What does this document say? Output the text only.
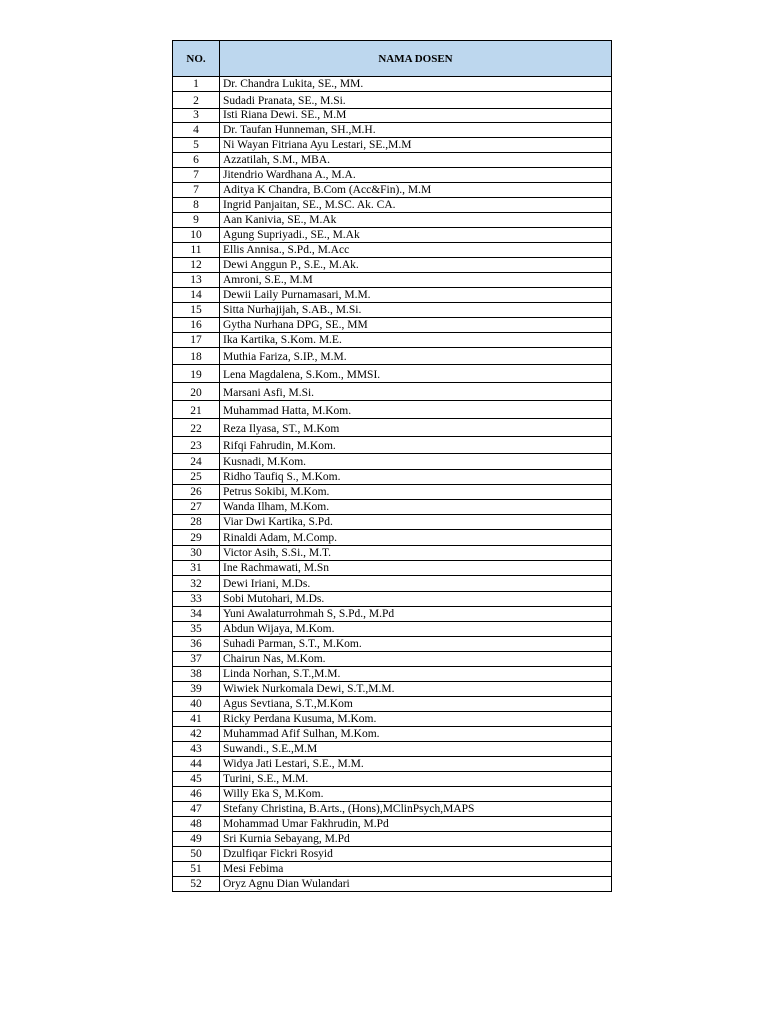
NO.	NAMA DOSEN
1	Dr. Chandra Lukita, SE., MM.
2	Sudadi Pranata, SE., M.Si.
3	Isti Riana Dewi. SE., M.M
4	Dr. Taufan Hunneman, SH.,M.H.
5	Ni Wayan Fitriana Ayu Lestari, SE.,M.M
6	Azzatilah, S.M., MBA.
7	Jitendrio Wardhana A., M.A.
7	Aditya K Chandra, B.Com (Acc&Fin)., M.M
8	Ingrid Panjaitan, SE., M.SC. Ak. CA.
9	Aan Kanivia, SE., M.Ak
10	Agung Supriyadi., SE., M.Ak
11	Ellis Annisa., S.Pd., M.Acc
12	Dewi Anggun P., S.E., M.Ak.
13	Amroni, S.E., M.M
14	Dewii Laily Purnamasari, M.M.
15	Sitta Nurhajijah, S.AB., M.Si.
16	Gytha Nurhana DPG, SE., MM
17	Ika Kartika, S.Kom. M.E.
18	Muthia Fariza, S.IP., M.M.
19	Lena Magdalena, S.Kom., MMSI.
20	Marsani Asfi, M.Si.
21	Muhammad Hatta, M.Kom.
22	Reza Ilyasa, ST., M.Kom
23	Rifqi Fahrudin, M.Kom.
24	Kusnadi, M.Kom.
25	Ridho Taufiq S., M.Kom.
26	Petrus Sokibi, M.Kom.
27	Wanda Ilham, M.Kom.
28	Viar Dwi Kartika, S.Pd.
29	Rinaldi Adam, M.Comp.
30	Victor Asih, S.Si., M.T.
31	Ine Rachmawati, M.Sn
32	Dewi Iriani, M.Ds.
33	Sobi Mutohari, M.Ds.
34	Yuni Awalaturrohmah S, S.Pd., M.Pd
35	Abdun Wijaya, M.Kom.
36	Suhadi Parman, S.T., M.Kom.
37	Chairun Nas, M.Kom.
38	Linda Norhan, S.T.,M.M.
39	Wiwiek Nurkomala Dewi, S.T.,M.M.
40	Agus Sevtiana, S.T.,M.Kom
41	Ricky Perdana Kusuma, M.Kom.
42	Muhammad Afif Sulhan, M.Kom.
43	Suwandi., S.E.,M.M
44	Widya Jati Lestari, S.E., M.M.
45	Turini, S.E., M.M.
46	Willy Eka S, M.Kom.
47	Stefany Christina, B.Arts., (Hons),MClinPsych,MAPS
48	Mohammad Umar Fakhrudin, M.Pd
49	Sri Kurnia Sebayang, M.Pd
50	Dzulfiqar Fickri Rosyid
51	Mesi Febima
52	Oryz Agnu Dian Wulandari
